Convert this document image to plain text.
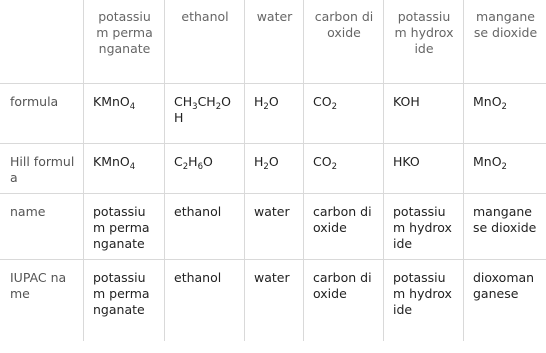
	potassium permanganate	ethanol	water	carbon dioxide	potassium hydroxide	manganese dioxide
formula	KMnO$_4$	$CH_3CH_2OH$	$H_2O$	$CO_2$	KOH	MnO$_2$
Hill formula	KMnO$_4$	$C_2H_6O$	$H_2O$	$CO_2$	HKO	MnO$_2$
name	potassium permanganate	ethanol	water	carbon dioxide	potassium hydroxide	manganese dioxide
IUPAC name	potassium permanganate	ethanol	water	carbon dioxide	potassium hydroxide	dioxomanganese
